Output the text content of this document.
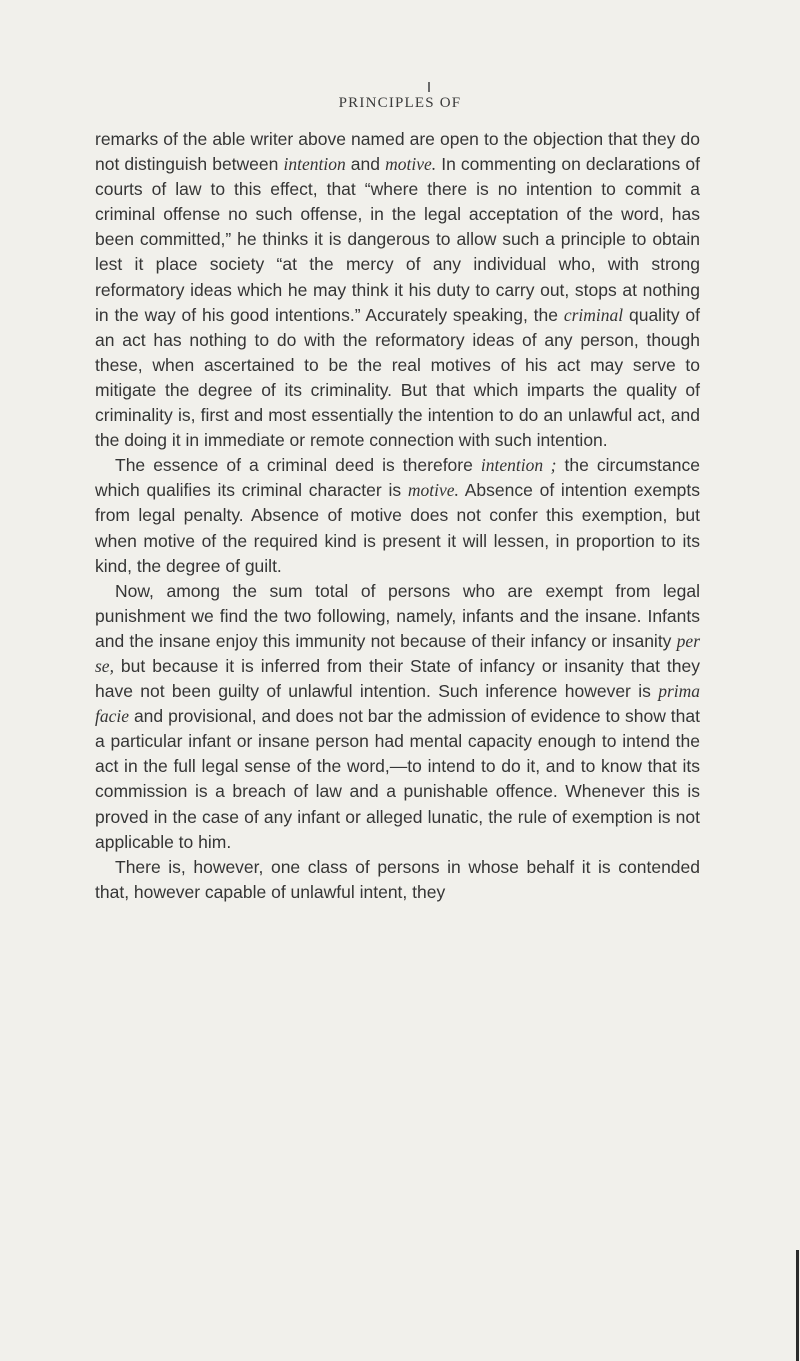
PRINCIPLES OF

remarks of the able writer above named are open to the objection that they do not distinguish between intention and motive. In commenting on declarations of courts of law to this effect, that “where there is no intention to commit a criminal offense no such offense, in the legal acceptation of the word, has been committed,” he thinks it is dangerous to allow such a principle to obtain lest it place society “at the mercy of any individual who, with strong reformatory ideas which he may think it his duty to carry out, stops at nothing in the way of his good intentions.” Accurately speaking, the criminal quality of an act has nothing to do with the reformatory ideas of any person, though these, when ascertained to be the real motives of his act may serve to mitigate the degree of its criminality. But that which imparts the quality of criminality is, first and most essentially the intention to do an unlawful act, and the doing it in immediate or remote connection with such intention.

The essence of a criminal deed is therefore intention ; the circumstance which qualifies its criminal character is motive. Absence of intention exempts from legal penalty. Absence of motive does not confer this exemption, but when motive of the required kind is present it will lessen, in proportion to its kind, the degree of guilt.

Now, among the sum total of persons who are exempt from legal punishment we find the two following, namely, infants and the insane. Infants and the insane enjoy this immunity not because of their infancy or insanity per se, but because it is inferred from their State of infancy or insanity that they have not been guilty of unlawful intention. Such inference however is prima facie and provisional, and does not bar the admission of evidence to show that a particular infant or insane person had mental capacity enough to intend the act in the full legal sense of the word,—to intend to do it, and to know that its commission is a breach of law and a punishable offence. Whenever this is proved in the case of any infant or alleged lunatic, the rule of exemption is not applicable to him.

There is, however, one class of persons in whose behalf it is contended that, however capable of unlawful intent, they
